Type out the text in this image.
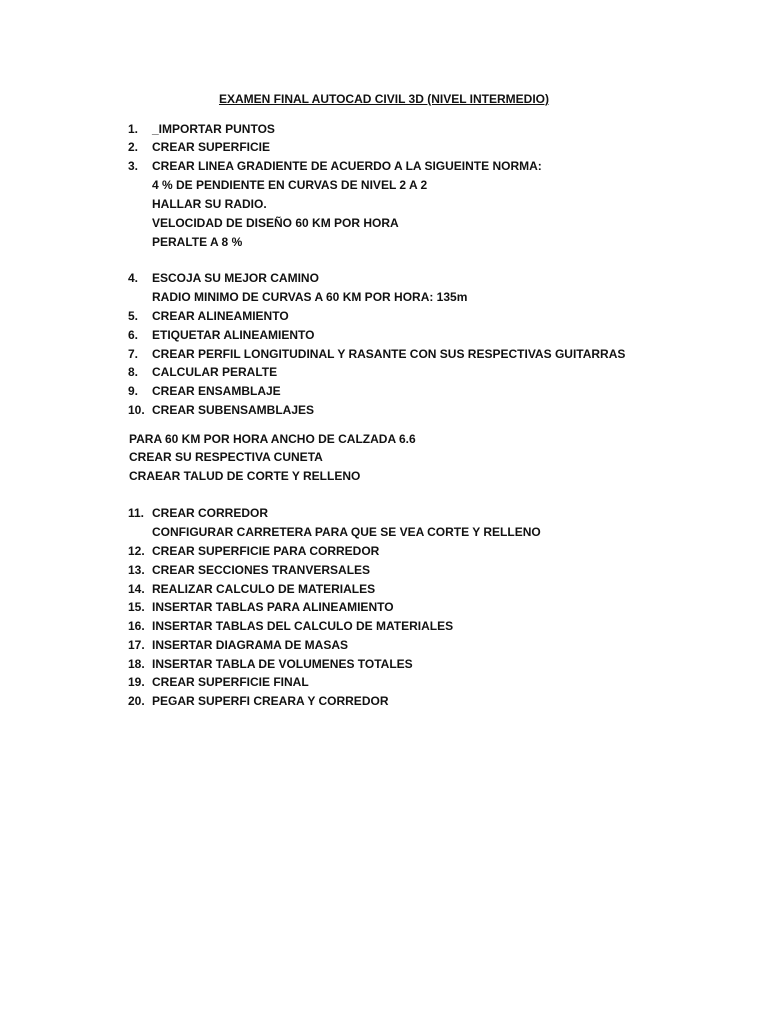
EXAMEN FINAL AUTOCAD CIVIL 3D (NIVEL INTERMEDIO)
1. _IMPORTAR PUNTOS
2. CREAR SUPERFICIE
3. CREAR LINEA GRADIENTE DE ACUERDO A LA SIGUEINTE NORMA:
4 % DE PENDIENTE EN CURVAS DE NIVEL 2 A 2
HALLAR SU RADIO.
VELOCIDAD DE DISEÑO 60 KM POR HORA
PERALTE A 8 %
4. ESCOJA SU MEJOR CAMINO
RADIO MINIMO DE CURVAS A 60 KM POR HORA: 135m
5. CREAR ALINEAMIENTO
6. ETIQUETAR ALINEAMIENTO
7. CREAR PERFIL LONGITUDINAL Y RASANTE CON SUS RESPECTIVAS GUITARRAS
8. CALCULAR PERALTE
9. CREAR ENSAMBLAJE
10. CREAR SUBENSAMBLAJES
PARA 60 KM POR HORA ANCHO DE CALZADA 6.6
CREAR SU RESPECTIVA CUNETA
CRAEAR TALUD DE CORTE Y RELLENO
11. CREAR CORREDOR
CONFIGURAR CARRETERA PARA QUE SE VEA CORTE Y RELLENO
12. CREAR SUPERFICIE PARA CORREDOR
13. CREAR SECCIONES TRANVERSALES
14. REALIZAR CALCULO DE MATERIALES
15. INSERTAR TABLAS PARA ALINEAMIENTO
16. INSERTAR TABLAS DEL CALCULO DE MATERIALES
17. INSERTAR DIAGRAMA DE MASAS
18. INSERTAR TABLA DE VOLUMENES TOTALES
19. CREAR SUPERFICIE FINAL
20. PEGAR SUPERFI CREARA Y CORREDOR
